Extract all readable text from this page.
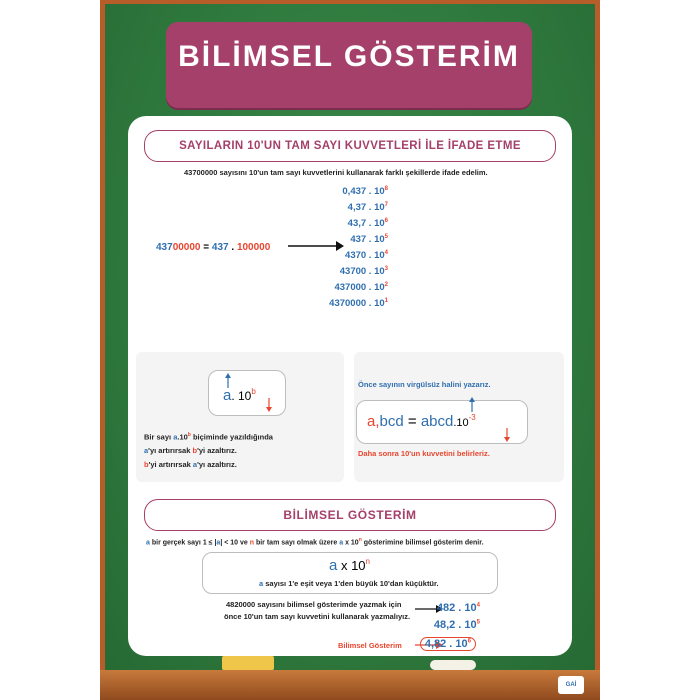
GAİ
BİLİMSEL GÖSTERİM
SAYILARIN 10'UN TAM SAYI KUVVETLERİ İLE İFADE ETME
43700000 sayısını 10'un tam sayı kuvvetlerini kullanarak farklı şekillerde ifade edelim.
0,437 . $10^8$
4,37 . $10^7$
43,7 . $10^6$
437 . $10^5$
4370 . $10^4$
43700 . $10^3$
437000 . $10^2$
4370000 . $10^1$
43700000 = 437 . 100000
a. 10$^b$
Bir sayı a.10$^b$ biçiminde yazıldığında
a'yı artırırsak b'yi azaltırız.
b'yi artırırsak a'yı azaltırız.
Önce sayının virgülsüz halini yazarız.
$a,bcd = abcd.10^{-3}$
Daha sonra 10'un kuvvetini belirleriz.
BİLİMSEL GÖSTERİM
a bir gerçek sayı 1 ≤ |a| < 10 ve n bir tam sayı olmak üzere a x 10$^n$ gösterimine bilimsel gösterim denir.
a x 10$^n$
a sayısı 1'e eşit veya 1'den büyük 10'dan küçüktür.
4820000 sayısını bilimsel gösterimde yazmak için
önce 10'un tam sayı kuvvetini kullanarak yazmalıyız.
Bilimsel Gösterim
482 . $10^4$
48,2 . $10^5$
4,82 . $10^6$
